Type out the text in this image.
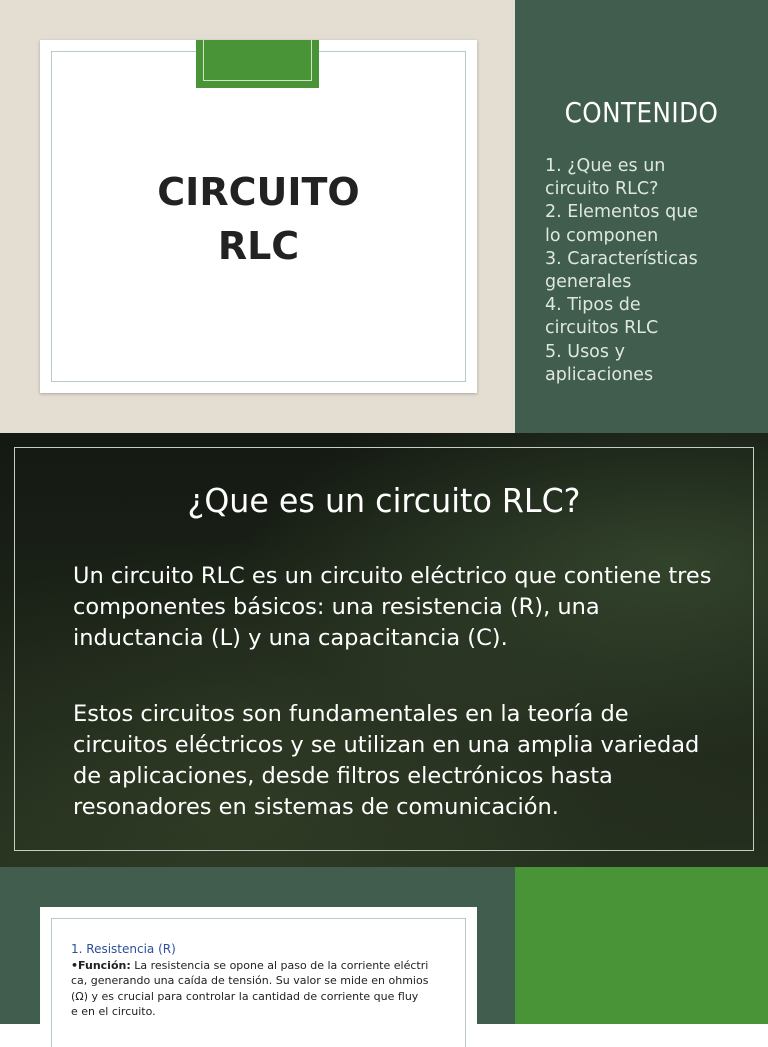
CIRCUITO
RLC
CONTENIDO
1. ¿Que es un
circuito RLC?
2. Elementos que
lo componen
3. Características
generales
4. Tipos de
circuitos RLC
5. Usos y
aplicaciones
¿Que es un circuito RLC?

Un circuito RLC es un circuito eléctrico que contiene tres componentes básicos: una resistencia (R), una inductancia (L) y una capacitancia (C).

Estos circuitos son fundamentales en la teoría de circuitos eléctricos y se utilizan en una amplia variedad de aplicaciones, desde filtros electrónicos hasta resonadores en sistemas de comunicación.

1. Resistencia (R)
•Función: La resistencia se opone al paso de la corriente eléctri
ca, generando una caída de tensión. Su valor se mide en ohmios
(Ω) y es crucial para controlar la cantidad de corriente que fluy
e en el circuito.
